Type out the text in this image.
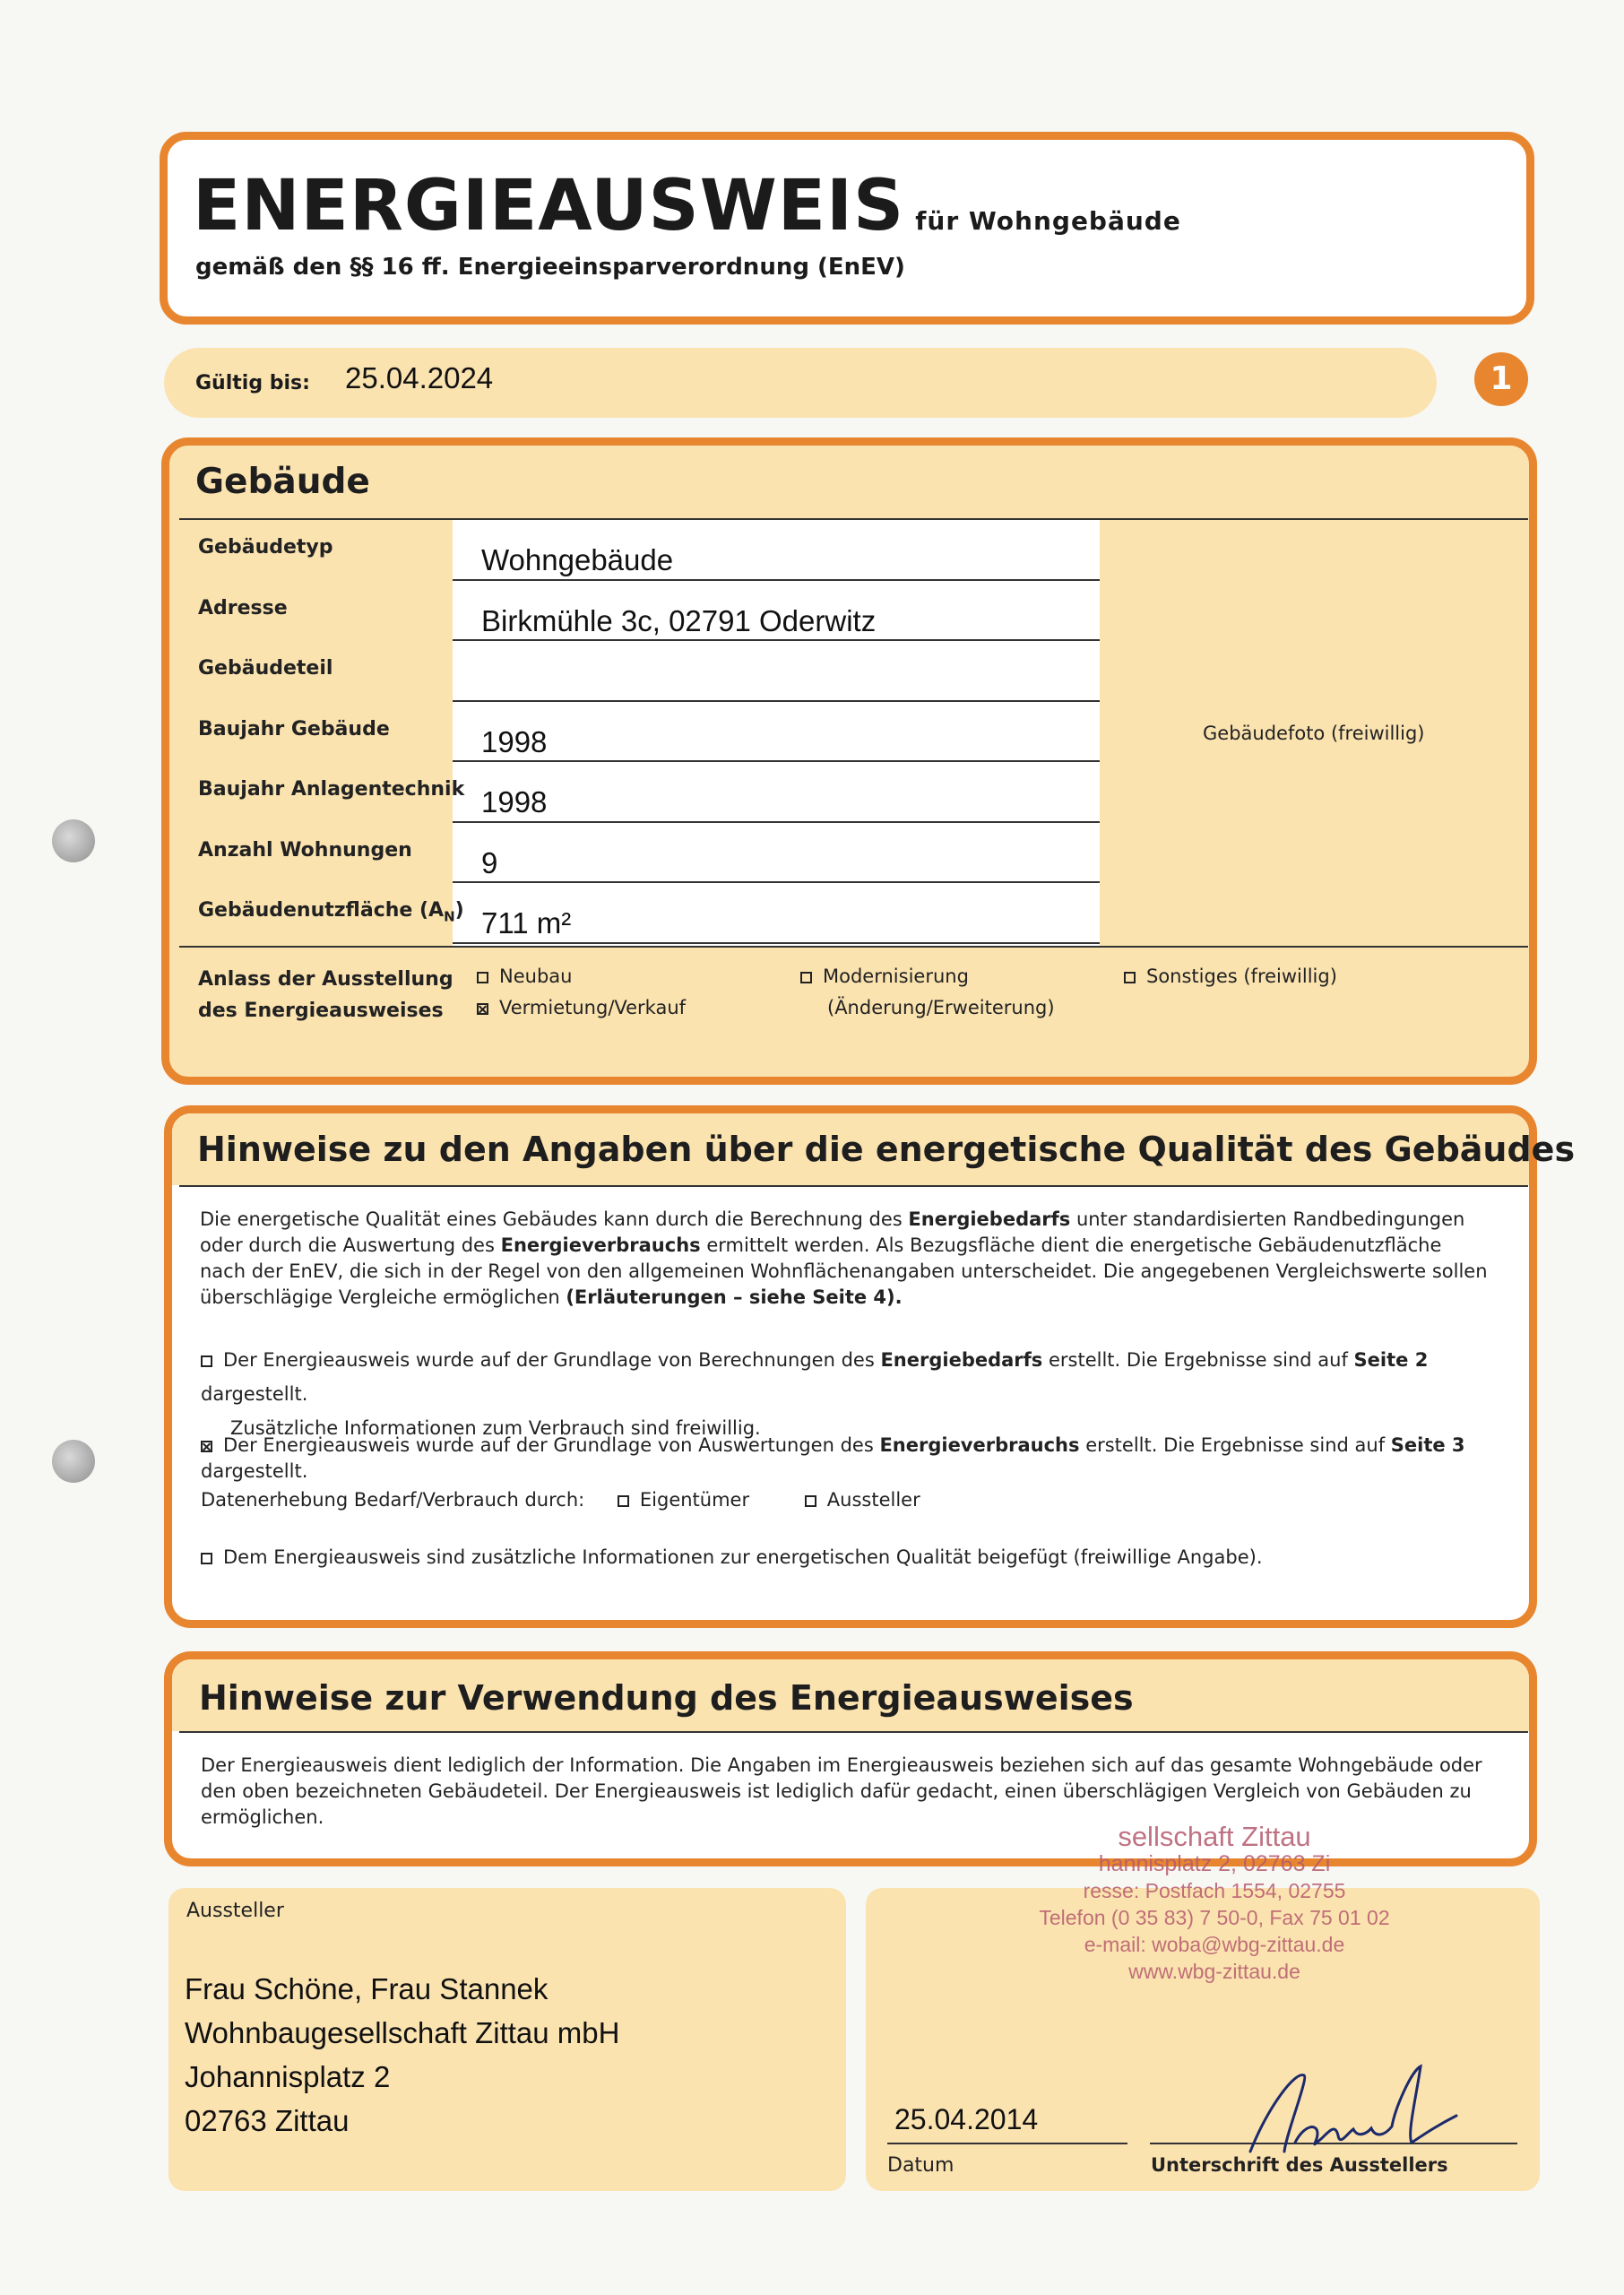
ENERGIEAUSWEIS für Wohngebäude
gemäß den §§ 16 ff. Energieeinsparverordnung (EnEV)
Gültig bis: 25.04.2024	1
Gebäude
Gebäudetyp	Wohngebäude
Adresse	Birkmühle 3c, 02791 Oderwitz
Gebäudeteil
Baujahr Gebäude	1998
Baujahr Anlagentechnik 1998
Anzahl Wohnungen 9
Gebäudenutzfläche $(A_N)$ 711 m²
Gebäudefoto (freiwillig)
Anlass der Ausstellung
des Energieausweises
Neubau
Vermietung/Verkauf
Modernisierung
(Änderung/Erweiterung)
Sonstiges (freiwillig)
Hinweise zu den Angaben über die energetische Qualität des Gebäudes
Die energetische Qualität eines Gebäudes kann durch die Berechnung des Energiebedarfs unter standardisierten Randbedingungen oder durch die Auswertung des Energieverbrauchs ermittelt werden. Als Bezugsfläche dient die energetische Gebäudenutzfläche nach der EnEV, die sich in der Regel von den allgemeinen Wohnflächenangaben unterscheidet. Die angegebenen Vergleichswerte sollen überschlägige Vergleiche ermöglichen (Erläuterungen – siehe Seite 4).
Der Energieausweis wurde auf der Grundlage von Berechnungen des Energiebedarfs erstellt. Die Ergebnisse sind auf Seite 2 dargestellt.
Zusätzliche Informationen zum Verbrauch sind freiwillig.
Der Energieausweis wurde auf der Grundlage von Auswertungen des Energieverbrauchs erstellt. Die Ergebnisse sind auf Seite 3 dargestellt.
Datenerhebung Bedarf/Verbrauch durch:	Eigentümer	Aussteller
Dem Energieausweis sind zusätzliche Informationen zur energetischen Qualität beigefügt (freiwillige Angabe).
Hinweise zur Verwendung des Energieausweises
Der Energieausweis dient lediglich der Information. Die Angaben im Energieausweis beziehen sich auf das gesamte Wohngebäude oder den oben bezeichneten Gebäudeteil. Der Energieausweis ist lediglich dafür gedacht, einen überschlägigen Vergleich von Gebäuden zu ermöglichen.
Aussteller
Frau Schöne, Frau Stannek
Wohnbaugesellschaft Zittau mbH
Johannisplatz 2
02763 Zittau
sellschaft Zittau
hannisplatz 2, 02763 Zi
resse: Postfach 1554, 02755
Telefon (0 35 83) 7 50-0, Fax 75 01 02
e-mail: woba@wbg-zittau.de
www.wbg-zittau.de
25.04.2014
Datum	Unterschrift des Ausstellers
